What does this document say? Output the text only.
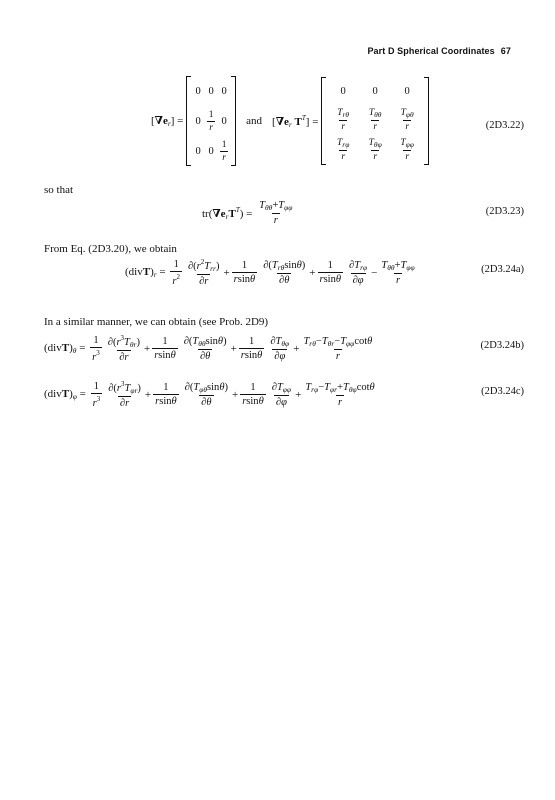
Part D Spherical Coordinates 67
$[\nabla e_r]$ =
0 0 0
$0 \frac{1}{r} 0$
0 $0 \frac{1}{r}$
and [$\nabla e_r$ $T^T$] =
0	0	0
$\frac{T_{r\theta}}{r} \frac{T_{\theta\theta}}{r} \frac{T_{\varphi\theta}}{r}$
$\frac{T_{r\varphi}}{r} \frac{T_{\theta\varphi}}{r} \frac{T_{\varphi\varphi}}{r}$
(2D3.22)
so that
$tr(\nabla e_rT^T) = \frac{T_{\theta\theta}+T_{\varphi\varphi}}{r}$	(2D3.23)
From Eq. (2D3.20), we obtain
$(divT)_r = \frac{1}{r^2} \frac{\partial(r^2T_{rr})}{\partial r} + \frac{1}{rsin\theta} \frac{\partial(T_{r\theta}\sin\theta)}{\partial\theta} + \frac{1}{rsin\theta} \frac{\partial T_{r\varphi}}{\partial\varphi} - \frac{T_{\theta\theta}+T_{\varphi\varphi}}{r}$	(2D3.24a)
In a similar manner, we can obtain (see Prob. 2D9)
$(divT)_\theta = \frac{1}{r^3} \frac{\partial(r^3T_{\theta r})}{\partial r} + \frac{1}{rsin\theta} \frac{\partial(T_{\theta\theta}\sin\theta)}{\partial\theta} + \frac{1}{rsin\theta} \frac{\partial T_{\theta\varphi}}{\partial\varphi} + \frac{T_{r\theta}-T_{\theta r}-T_{\varphi\varphi}\cot\theta}{r}$	(2D3.24b)
$(divT)_\varphi = \frac{1}{r^3} \frac{\partial(r^3T_{\varphi r})}{\partial r} + \frac{1}{rsin\theta} \frac{\partial(T_{\varphi\theta}\sin\theta)}{\partial\theta} + \frac{1}{rsin\theta} \frac{\partial T_{\varphi\varphi}}{\partial\varphi} + \frac{T_{r\varphi}-T_{\varphi r}+T_{\theta\varphi}\cot\theta}{r}$	(2D3.24c)
